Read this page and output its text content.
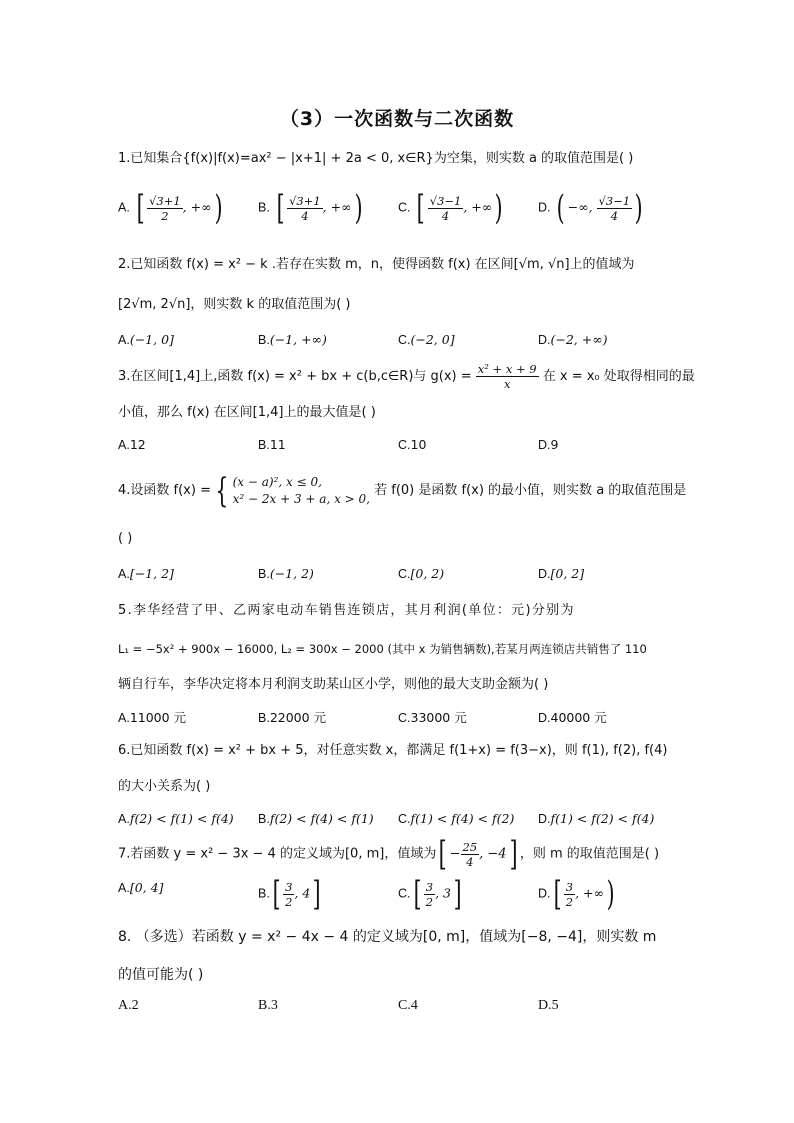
（3）一次函数与二次函数
1.已知集合{f(x)|f(x)=ax² − |x+1| + 2a < 0, x∈R}为空集，则实数 a 的取值范围是( )
A. [ $\frac{√3+1}{2}$ , +∞)	B. [ $\frac{√3+1}{4}$ , +∞)	C. [ $\frac{√3-1}{4}$ , +∞)	D. ( −∞, $\frac{√3-1}{4}$ )
2.已知函数 f(x) = x² − k .若存在实数 m，n，使得函数 f(x) 在区间[√m, √n]上的值域为
[2√m, 2√n]，则实数 k 的取值范围为( )
A.(−1, 0]	B.(−1, +∞)	C.(−2, 0]	D.(−2, +∞)
3.在区间[1,4]上,函数 f(x) = x² + bx + c(b,c∈R)与 $g(x) = \frac{\text{x² + x + 9}}{x}$ 在 x = x₀ 处取得相同的最
小值，那么 f(x) 在区间[1,4]上的最大值是( )
A.12	B.11	C.10	D.9
4.设函数 f(x) = { (x − a)², x ≤ 0,
x² − 2x + 3 + a, x > 0,
若 f(0) 是函数 f(x) 的最小值，则实数 a 的取值范围是
( )
A.[−1, 2]	B.(−1, 2)	C.[0, 2)	D.[0, 2]
5.李华经营了甲、乙两家电动车销售连锁店，其月利润(单位：元)分别为
L₁ = −5x² + 900x − 16000, L₂ = 300x − 2000 (其中 x 为销售辆数),若某月两连锁店共销售了 110
辆自行车，李华决定将本月利润支助某山区小学，则他的最大支助金额为( )
A.11000 元	B.22000 元	C.33000 元	D.40000 元
6.已知函数 f(x) = x² + bx + 5，对任意实数 x，都满足 f(1+x) = f(3−x)，则 f(1), f(2), f(4)
的大小关系为( )
A.f(2) < f(1) < f(4) B.f(2) < f(4) < f(1) C.f(1) < f(4) < f(2) D.f(1) < f(2) < f(4)
7.若函数 y = x² − 3x − 4 的定义域为[0, m]，值域为[ − $\frac{25}{4}$ , −4] ，则 m 的取值范围是( )
A.[0, 4]	$B.[ \frac{3}{2}$ , 4]	$C.[ \frac{3}{2}$ , 3]	$D.[ \frac{3}{2}$ , +∞)
8. （多选）若函数 y = x² − 4x − 4 的定义域为[0, m]，值域为[−8, −4]，则实数 m
的值可能为( )
A.2	B.3	C.4	D.5
